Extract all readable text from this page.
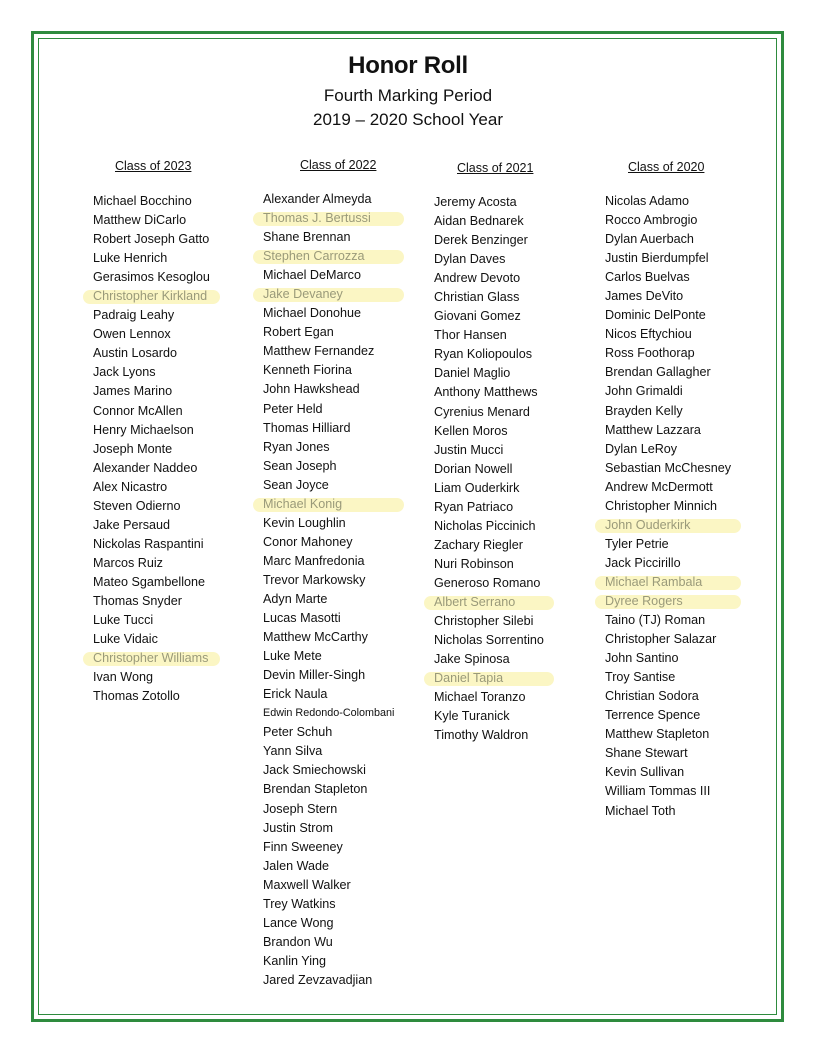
Honor Roll
Fourth Marking Period
2019 – 2020 School Year
Class of 2023
Michael Bocchino
Matthew DiCarlo
Robert Joseph Gatto
Luke Henrich
Gerasimos Kesoglou
Christopher Kirkland
Padraig Leahy
Owen Lennox
Austin Losardo
Jack Lyons
James Marino
Connor McAllen
Henry Michaelson
Joseph Monte
Alexander Naddeo
Alex Nicastro
Steven Odierno
Jake Persaud
Nickolas Raspantini
Marcos Ruiz
Mateo Sgambellone
Thomas Snyder
Luke Tucci
Luke Vidaic
Christopher Williams
Ivan Wong
Thomas Zotollo
Class of 2022
Alexander Almeyda
Thomas J. Bertussi
Shane Brennan
Stephen Carrozza
Michael DeMarco
Jake Devaney
Michael Donohue
Robert Egan
Matthew Fernandez
Kenneth Fiorina
John Hawkshead
Peter Held
Thomas Hilliard
Ryan Jones
Sean Joseph
Sean Joyce
Michael Konig
Kevin Loughlin
Conor Mahoney
Marc Manfredonia
Trevor Markowsky
Adyn Marte
Lucas Masotti
Matthew McCarthy
Luke Mete
Devin Miller-Singh
Erick Naula
Edwin Redondo-Colombani
Peter Schuh
Yann Silva
Jack Smiechowski
Brendan Stapleton
Joseph Stern
Justin Strom
Finn Sweeney
Jalen Wade
Maxwell Walker
Trey Watkins
Lance Wong
Brandon Wu
Kanlin Ying
Jared Zevzavadjian
Class of 2021
Jeremy Acosta
Aidan Bednarek
Derek Benzinger
Dylan Daves
Andrew Devoto
Christian Glass
Giovani Gomez
Thor Hansen
Ryan Koliopoulos
Daniel Maglio
Anthony Matthews
Cyrenius Menard
Kellen Moros
Justin Mucci
Dorian Nowell
Liam Ouderkirk
Ryan Patriaco
Nicholas Piccinich
Zachary Riegler
Nuri Robinson
Generoso Romano
Albert Serrano
Christopher Silebi
Nicholas Sorrentino
Jake Spinosa
Daniel Tapia
Michael Toranzo
Kyle Turanick
Timothy Waldron
Class of 2020
Nicolas Adamo
Rocco Ambrogio
Dylan Auerbach
Justin Bierdumpfel
Carlos Buelvas
James DeVito
Dominic DelPonte
Nicos Eftychiou
Ross Foothorap
Brendan Gallagher
John Grimaldi
Brayden Kelly
Matthew Lazzara
Dylan LeRoy
Sebastian McChesney
Andrew McDermott
Christopher Minnich
John Ouderkirk
Tyler Petrie
Jack Piccirillo
Michael Rambala
Dyree Rogers
Taino (TJ) Roman
Christopher Salazar
John Santino
Troy Santise
Christian Sodora
Terrence Spence
Matthew Stapleton
Shane Stewart
Kevin Sullivan
William Tommas III
Michael Toth
